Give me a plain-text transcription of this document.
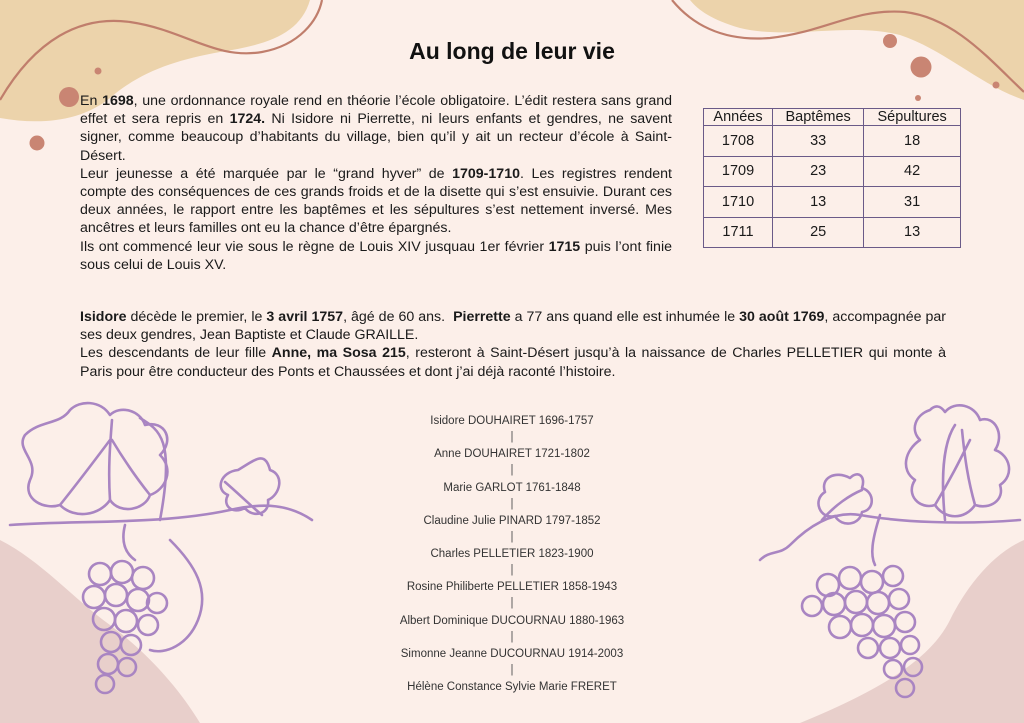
Au long de leur vie

En 1698, une ordonnance royale rend en théorie l’école obligatoire. L’édit restera sans grand effet et sera repris en 1724. Ni Isidore ni Pierrette, ni leurs enfants et gendres, ne savent signer, comme beaucoup d’habitants du village, bien qu’il y ait un recteur d’école à Saint-Désert.

Leur jeunesse a été marquée par le “grand hyver” de 1709-1710. Les registres rendent compte des conséquences de ces grands froids et de la disette qui s’est ensuivie. Durant ces deux années, le rapport entre les baptêmes et les sépultures s’est nettement inversé. Mes ancêtres et leurs familles ont eu la chance d’être épargnés.

Ils ont commencé leur vie sous le règne de Louis XIV jusquau 1er février 1715 puis l’ont finie sous celui de Louis XV.

Années	Baptêmes	Sépultures
1708	33	18
1709	23	42
1710	13	31
1711	25	13

Isidore décède le premier, le 3 avril 1757, âgé de 60 ans.  Pierrette a 77 ans quand elle est inhumée le 30 août 1769, accompagnée par ses deux gendres, Jean Baptiste et Claude GRAILLE.

Les descendants de leur fille Anne, ma Sosa 215, resteront à Saint-Désert jusqu’à la naissance de Charles PELLETIER qui monte à Paris pour être conducteur des Ponts et Chaussées et dont j’ai déjà raconté l’histoire.

Isidore DOUHAIRET 1696-1757
|
Anne DOUHAIRET 1721-1802
|
Marie GARLOT 1761-1848
|
Claudine Julie PINARD 1797-1852
|
Charles PELLETIER 1823-1900
|
Rosine Philiberte PELLETIER 1858-1943
|
Albert Dominique DUCOURNAU 1880-1963
|
Simonne Jeanne DUCOURNAU 1914-2003
|
Hélène Constance Sylvie Marie FRERET
